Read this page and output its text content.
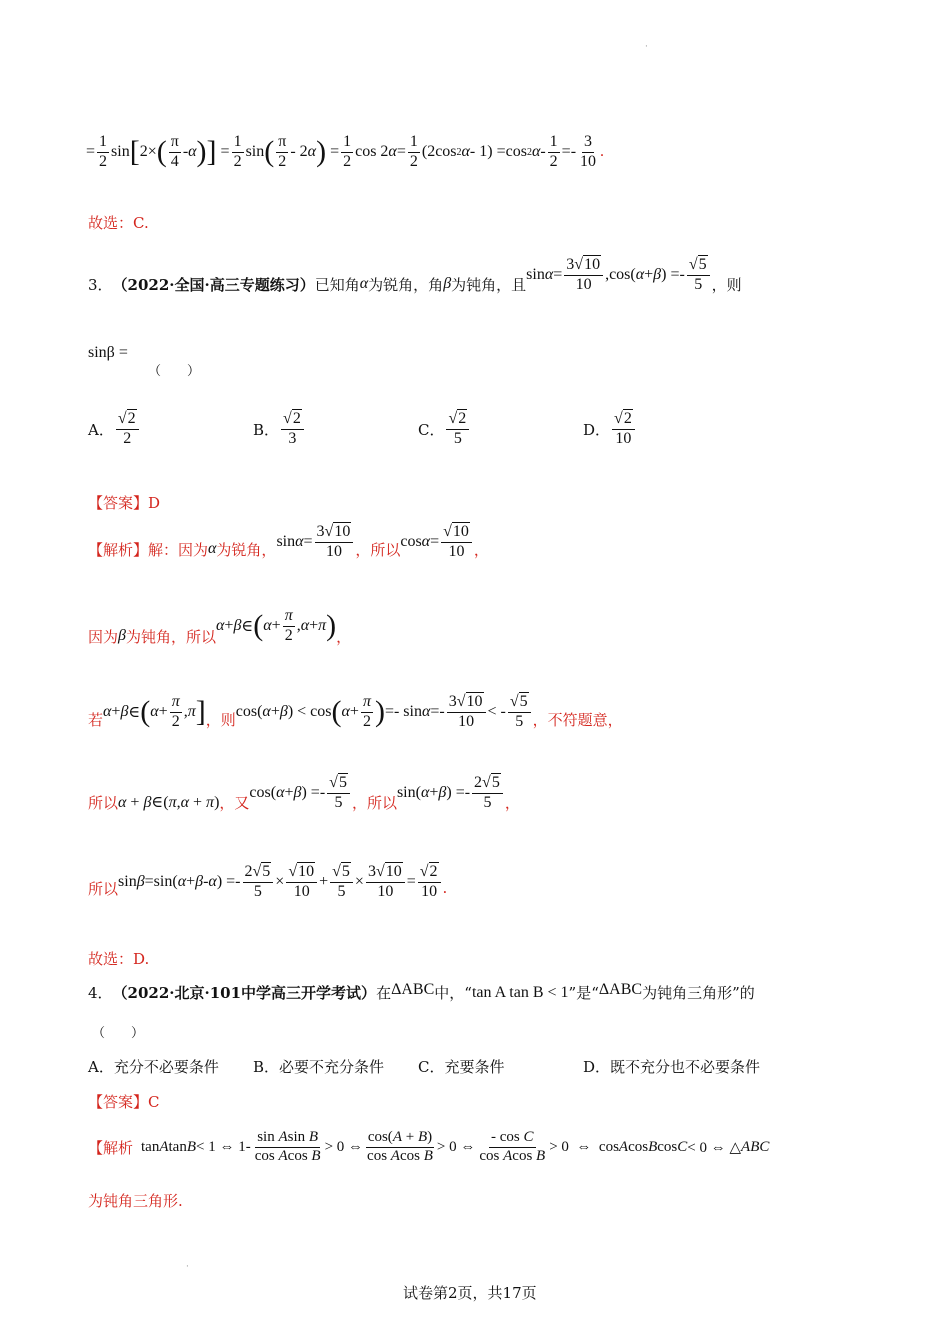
·
= $\frac{1}{2}$ sin [ 2× ( $\frac{\pi}{4}$ - α ) ] = $\frac{1}{2}$ sin ( $\frac{\pi}{2} - 2$ α ) = $\frac{1}{2}$ cos 2 $\alpha = \frac{1}{2} (2\cos$ 2 α - 1) =cos 2 $\alpha - \frac{1}{2} =- \frac{3}{10}$ .
故选：C.
3． （2022·全国·高三专题练习） 已知角 α 为锐角，角 β 为钝角，且
$\sin \alpha = \frac{3√10}{10} ,\cos$( α + β ) =- $\frac{√5}{5}$ ，则
sinβ =
（　　）
A． $\frac{√2}{2}$	B． $\frac{√2}{3}$	C． $\frac{√2}{5}$	D． $\frac{√2}{10}$
【答案】D
【解析】解：因为 α 为锐角， $\sin \alpha = \frac{3√10}{10}$ ，所以 $\cos \alpha = \frac{√10}{10}$ ，
因为 β 为钝角，所以
α + β ∈ ( $\alpha + \frac{\pi}{2}$ , α + π ) ，
若 α + β ∈ ( $\alpha + \frac{\pi}{2}$ , π ] ，则 cos( α + β ) < cos ( $\alpha + \frac{\pi}{2}$ ) =- $\sin \alpha =- \frac{3√10}{10}$ < - $\frac{√5}{5}$ ，不符题意，
所以 α + β∈(π,α + π) ，又
cos( α + β ) =- $\frac{√5}{5}$ ，所以
sin( α + β ) =- $\frac{2√5}{5}$ ，
所以 sin β =sin( α + β - α ) =- $\frac{2√5}{5} \times \frac{√10}{10} + \frac{√5}{5} \times \frac{3√10}{10} = \frac{√2}{10}$ .
故选：D.
4． （2022·北京·101中学高三开学考试） 在 ΔABC 中， “ tan A tan B < 1 ”是“ ΔABC 为钝角三角形”的
（　　）
A．充分不必要条件 B．必要不充分条件 C．充要条件	D．既不充分也不必要条件
【答案】C
【解析 tan A tan B < 1 ⇔ $1- \frac{\text{sin Asin B}}{\text{cos Acos B}} > 0$ ⇔ $\frac{\cos(A + B)}{\text{cos Acos B}} > 0$ ⇔ $\frac{\text{- cos C}}{\text{cos Acos B}} > 0$  ⇔  cos A cos B cos C < 0 ⇔ △ ABC
为钝角三角形.
·
试卷第2页，共17页
